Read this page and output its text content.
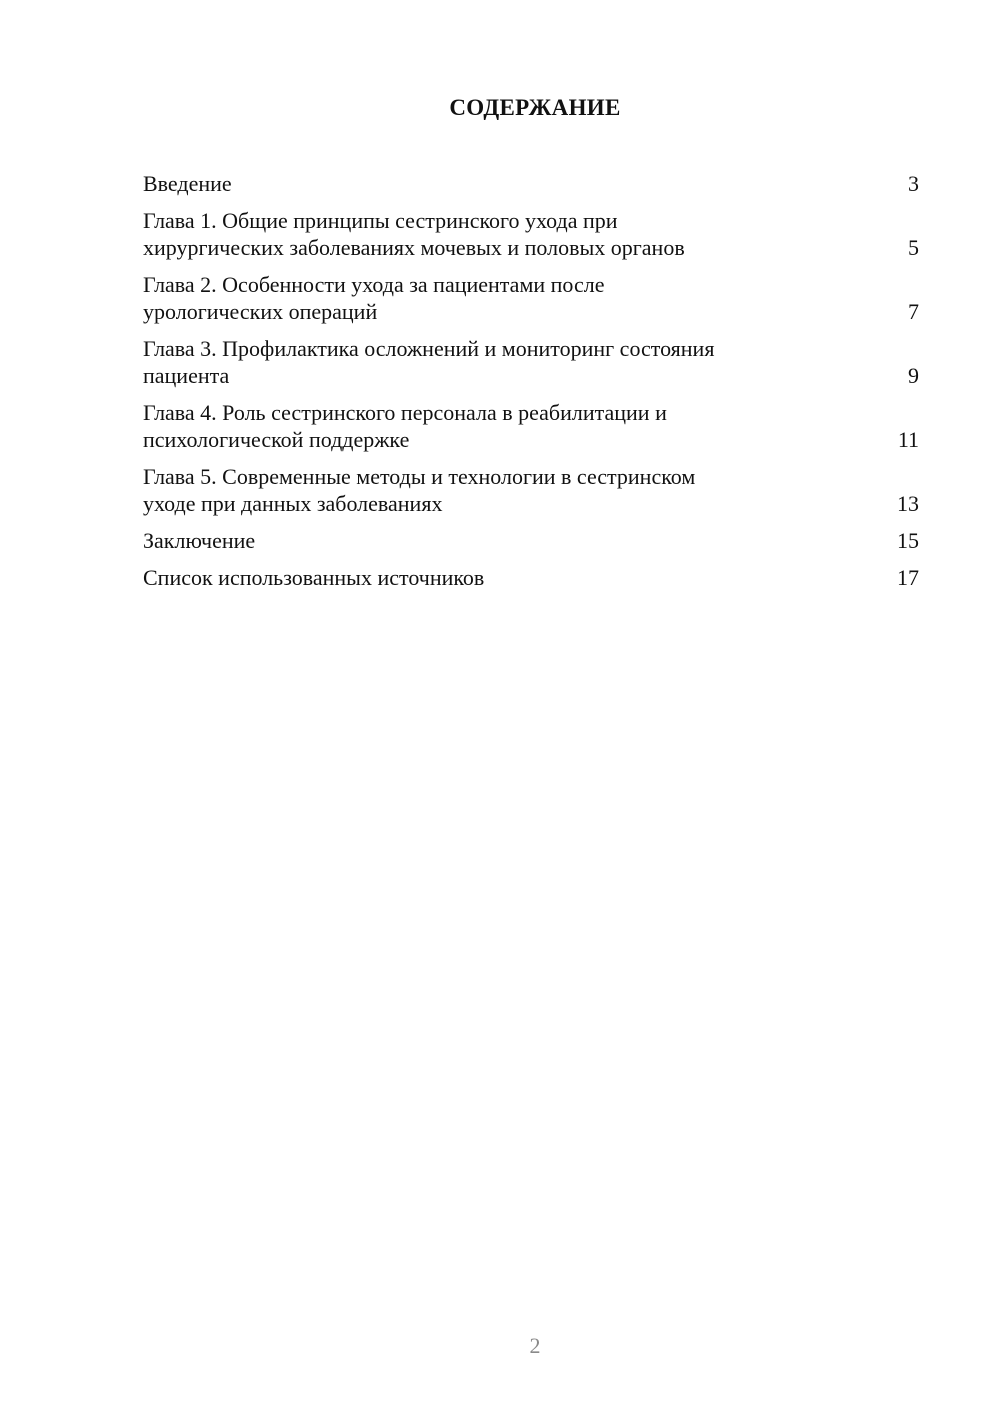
СОДЕРЖАНИЕ
Введение	3
Глава 1. Общие принципы сестринского ухода при
хирургических заболеваниях мочевых и половых органов	5
Глава 2. Особенности ухода за пациентами после
урологических операций	7
Глава 3. Профилактика осложнений и мониторинг состояния
пациента	9
Глава 4. Роль сестринского персонала в реабилитации и
психологической поддержке	11
Глава 5. Современные методы и технологии в сестринском
уходе при данных заболеваниях	13
Заключение	15
Список использованных источников	17
2
